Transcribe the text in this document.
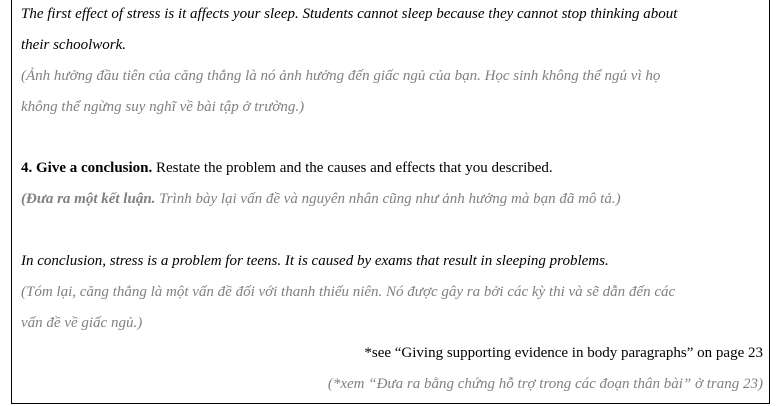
The first effect of stress is it affects your sleep. Students cannot sleep because they cannot stop thinking about
their schoolwork.
(Ảnh hưởng đầu tiên của căng thẳng là nó ảnh hưởng đến giấc ngủ của bạn. Học sinh không thể ngủ vì họ
không thể ngừng suy nghĩ về bài tập ở trường.)
4. Give a conclusion. Restate the problem and the causes and effects that you described.
(Đưa ra một kết luận. Trình bày lại vấn đề và nguyên nhân cũng như ảnh hưởng mà bạn đã mô tả.)
In conclusion, stress is a problem for teens. It is caused by exams that result in sleeping problems.
(Tóm lại, căng thẳng là một vấn đề đối với thanh thiếu niên. Nó được gây ra bởi các kỳ thi và sẽ dẫn đến các
vấn đề về giấc ngủ.)
*see “Giving supporting evidence in body paragraphs” on page 23
(*xem “Đưa ra bằng chứng hỗ trợ trong các đoạn thân bài” ở trang 23)
